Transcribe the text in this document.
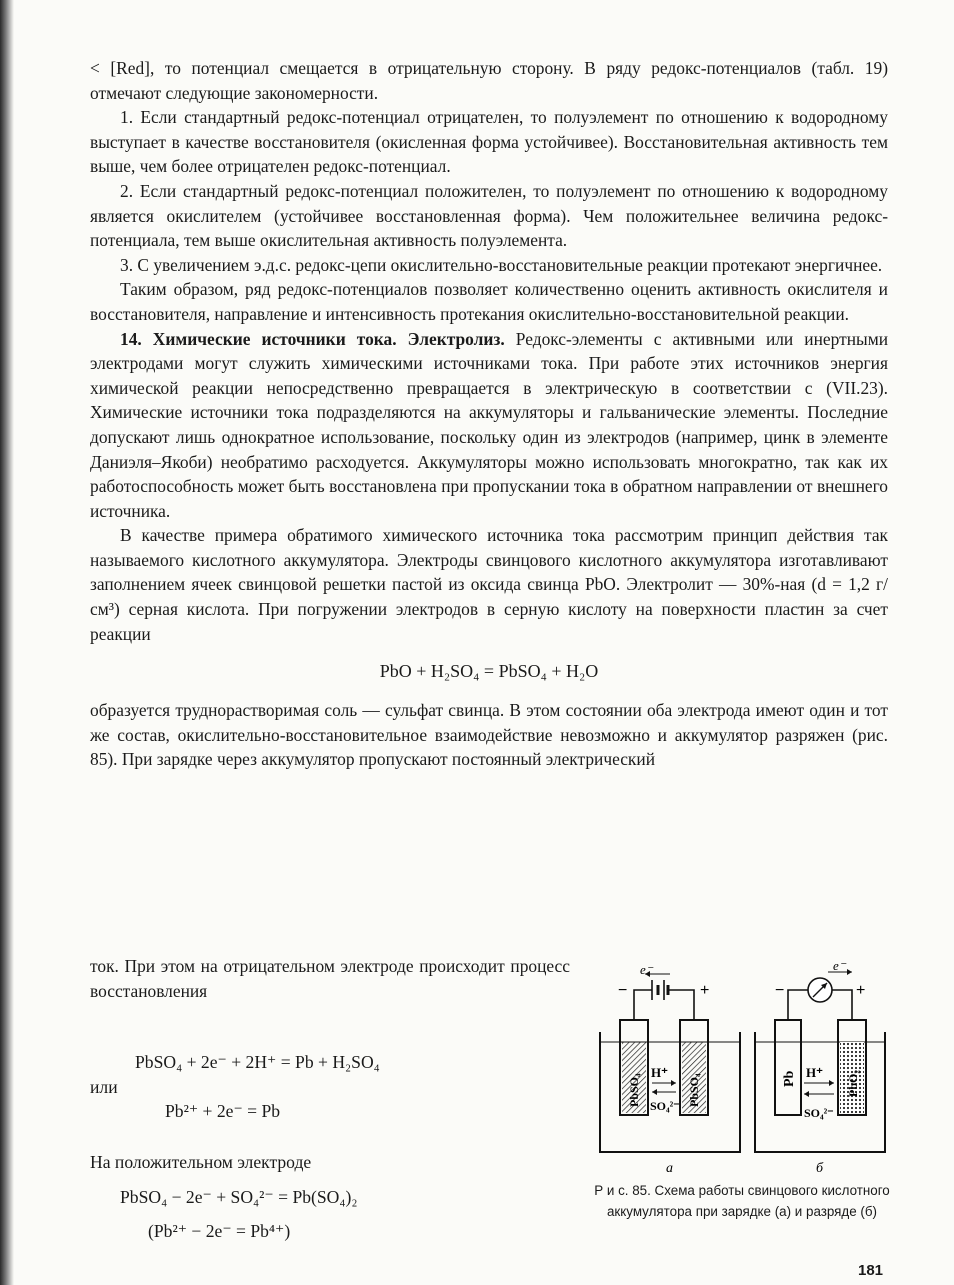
< [Red], то потенциал смещается в отрицательную сторону. В ряду редокс-потенциалов (табл. 19) отмечают следующие закономерности.

1. Если стандартный редокс-потенциал отрицателен, то полуэлемент по отношению к водородному выступает в качестве восстановителя (окисленная форма устойчивее). Восстановительная активность тем выше, чем более отрицателен редокс-потенциал.

2. Если стандартный редокс-потенциал положителен, то полуэлемент по отношению к водородному является окислителем (устойчивее восстановленная форма). Чем положительнее величина редокс-потенциала, тем выше окислительная активность полуэлемента.

3. С увеличением э.д.с. редокс-цепи окислительно-восстановительные реакции протекают энергичнее.

Таким образом, ряд редокс-потенциалов позволяет количественно оценить активность окислителя и восстановителя, направление и интенсивность протекания окислительно-восстановительной реакции.

14. Химические источники тока. Электролиз. Редокс-элементы с активными или инертными электродами могут служить химическими источниками тока. При работе этих источников энергия химической реакции непосредственно превращается в электрическую в соответствии с (VII.23). Химические источники тока подразделяются на аккумуляторы и гальванические элементы. Последние допускают лишь однократное использование, поскольку один из электродов (например, цинк в элементе Даниэля–Якоби) необратимо расходуется. Аккумуляторы можно использовать многократно, так как их работоспособность может быть восстановлена при пропускании тока в обратном направлении от внешнего источника.

В качестве примера обратимого химического источника тока рассмотрим принцип действия так называемого кислотного аккумулятора. Электроды свинцового кислотного аккумулятора изготавливают заполнением ячеек свинцовой решетки пастой из оксида свинца PbO. Электролит — 30%-ная (d = 1,2 г/см³) серная кислота. При погружении электродов в серную кислоту на поверхности пластин за счет реакции

PbO + H₂SO₄ = PbSO₄ + H₂O

образуется труднорастворимая соль — сульфат свинца. В этом состоянии оба электрода имеют один и тот же состав, окислительно-восстановительное взаимодействие невозможно и аккумулятор разряжен (рис. 85). При зарядке через аккумулятор пропускают постоянный электрический

ток. При этом на отрицательном электроде происходит процесс восстановления
PbSO₄ + 2e⁻ + 2H⁺ = Pb + H₂SO₄
или
Pb²⁺ + 2e⁻ = Pb
На положительном электроде
PbSO₄ − 2e⁻ + SO₄²⁻ = Pb(SO₄)₂
(Pb²⁺ − 2e⁻ = Pb⁴⁺)
e⁻
−	+
PbSO₄	PbSO₄
H⁺
SO₄²⁻
а
e⁻
−	+
Pb	PbO₂
H⁺
SO₄²⁻
б
Р и с. 85. Схема работы свинцового кислотного аккумулятора при зарядке (а) и разряде (б)
181
